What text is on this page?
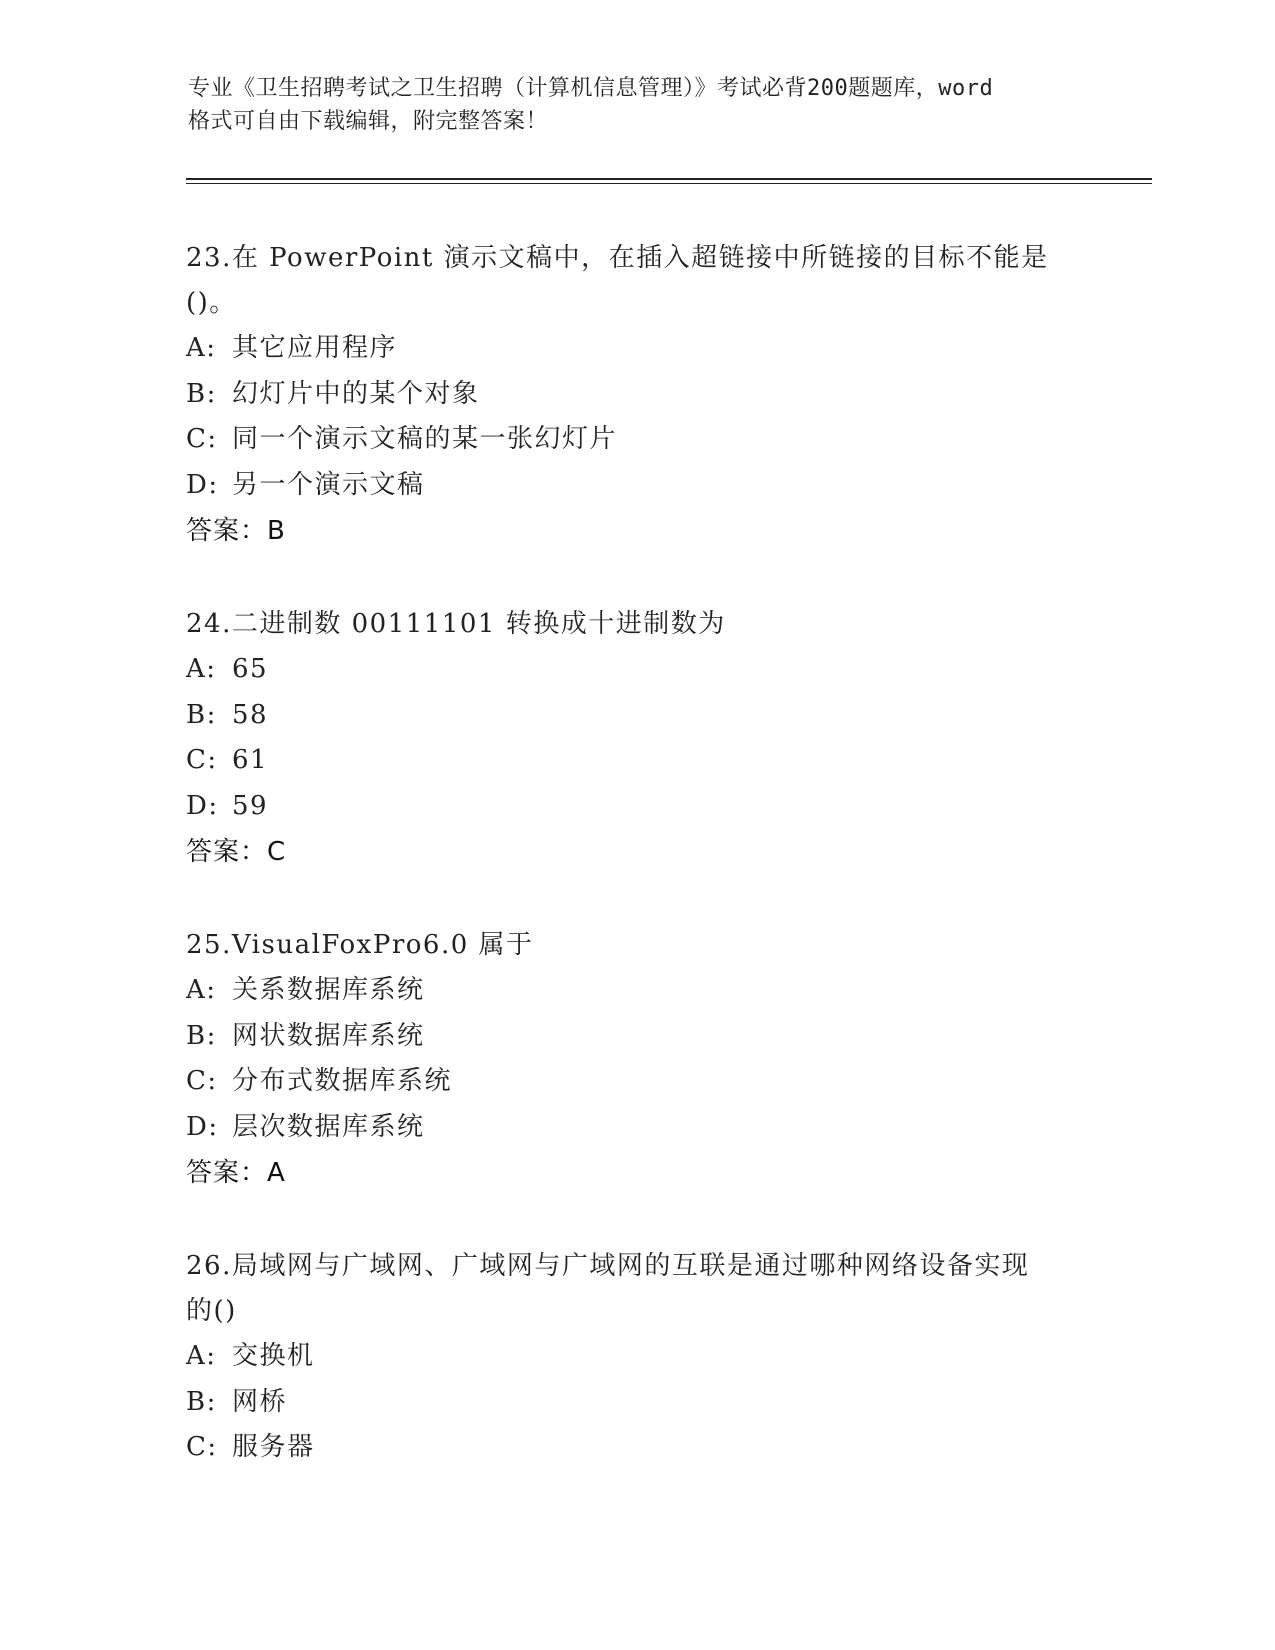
专业《卫生招聘考试之卫生招聘（计算机信息管理）》考试必背200题题库，word
格式可自由下载编辑，附完整答案！
23.在 PowerPoint 演示文稿中，在插入超链接中所链接的目标不能是
()。
A: 其它应用程序
B: 幻灯片中的某个对象
C: 同一个演示文稿的某一张幻灯片
D: 另一个演示文稿
答案：B
24.二进制数 00111101 转换成十进制数为
A: 65
B: 58
C: 61
D: 59
答案：C
25.VisualFoxPro6.0 属于
A: 关系数据库系统
B: 网状数据库系统
C: 分布式数据库系统
D: 层次数据库系统
答案：A
26.局域网与广域网、广域网与广域网的互联是通过哪种网络设备实现
的()
A: 交换机
B: 网桥
C: 服务器
